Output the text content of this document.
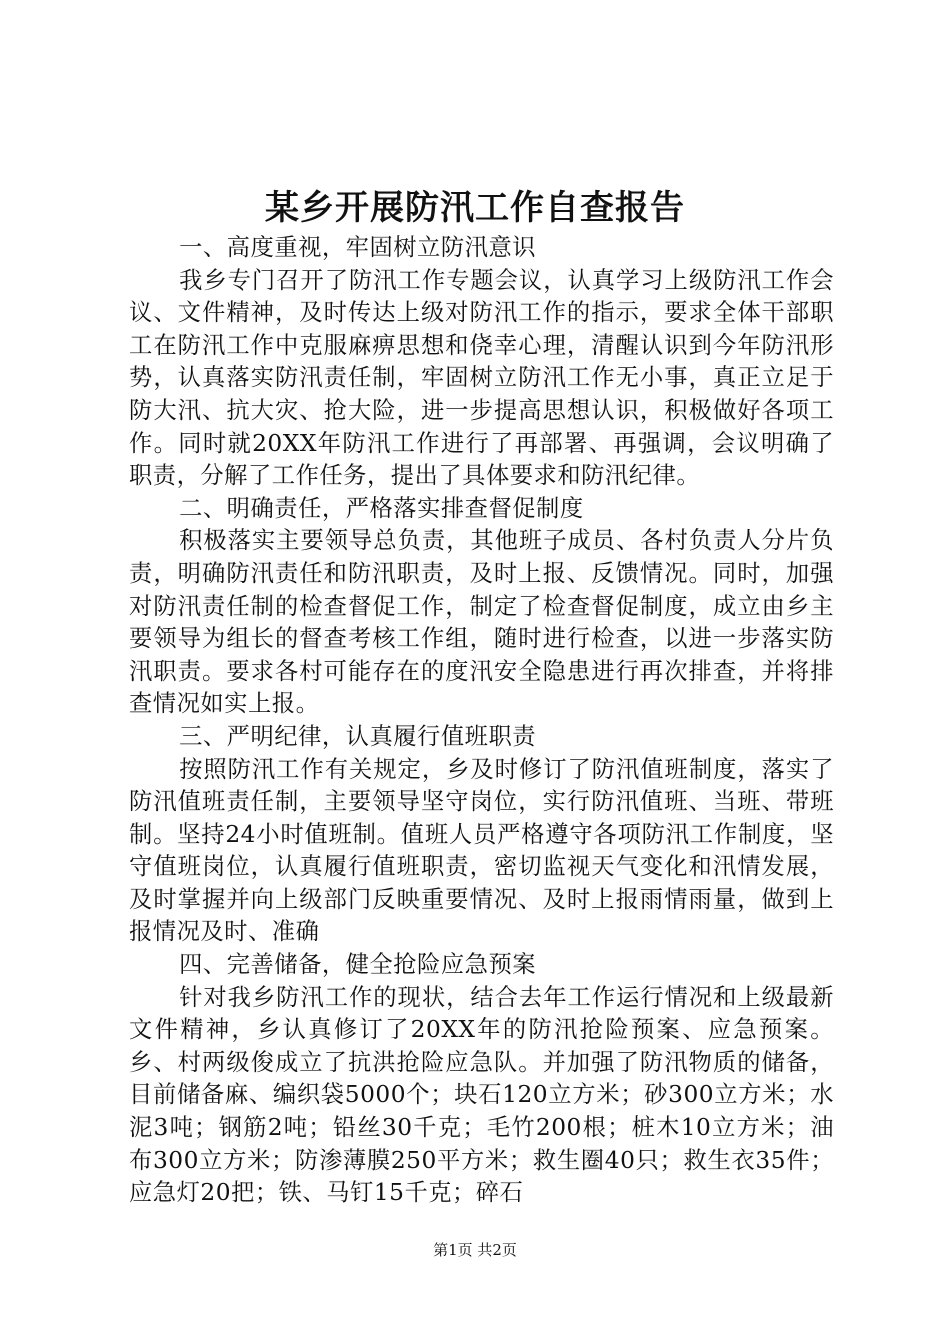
某乡开展防汛工作自查报告

一、高度重视，牢固树立防汛意识

我乡专门召开了防汛工作专题会议，认真学习上级防汛工作会议、文件精神，及时传达上级对防汛工作的指示，要求全体干部职工在防汛工作中克服麻痹思想和侥幸心理，清醒认识到今年防汛形势，认真落实防汛责任制，牢固树立防汛工作无小事，真正立足于防大汛、抗大灾、抢大险，进一步提高思想认识，积极做好各项工作。同时就20XX年防汛工作进行了再部署、再强调，会议明确了职责，分解了工作任务，提出了具体要求和防汛纪律。

二、明确责任，严格落实排查督促制度

积极落实主要领导总负责，其他班子成员、各村负责人分片负责，明确防汛责任和防汛职责，及时上报、反馈情况。同时，加强对防汛责任制的检查督促工作，制定了检查督促制度，成立由乡主要领导为组长的督查考核工作组，随时进行检查，以进一步落实防汛职责。要求各村可能存在的度汛安全隐患进行再次排查，并将排查情况如实上报。

三、严明纪律，认真履行值班职责

按照防汛工作有关规定，乡及时修订了防汛值班制度，落实了防汛值班责任制，主要领导坚守岗位，实行防汛值班、当班、带班制。坚持24小时值班制。值班人员严格遵守各项防汛工作制度，坚守值班岗位，认真履行值班职责，密切监视天气变化和汛情发展，及时掌握并向上级部门反映重要情况、及时上报雨情雨量，做到上报情况及时、准确

四、完善储备，健全抢险应急预案

针对我乡防汛工作的现状，结合去年工作运行情况和上级最新文件精神，乡认真修订了20XX年的防汛抢险预案、应急预案。乡、村两级俊成立了抗洪抢险应急队。并加强了防汛物质的储备，目前储备麻、编织袋5000个；块石120立方米；砂300立方米；水泥3吨；钢筋2吨；铅丝30千克；毛竹200根；桩木10立方米；油布300立方米；防渗薄膜250平方米；救生圈40只；救生衣35件；应急灯20把；铁、马钉15千克；碎石

第1页 共2页
